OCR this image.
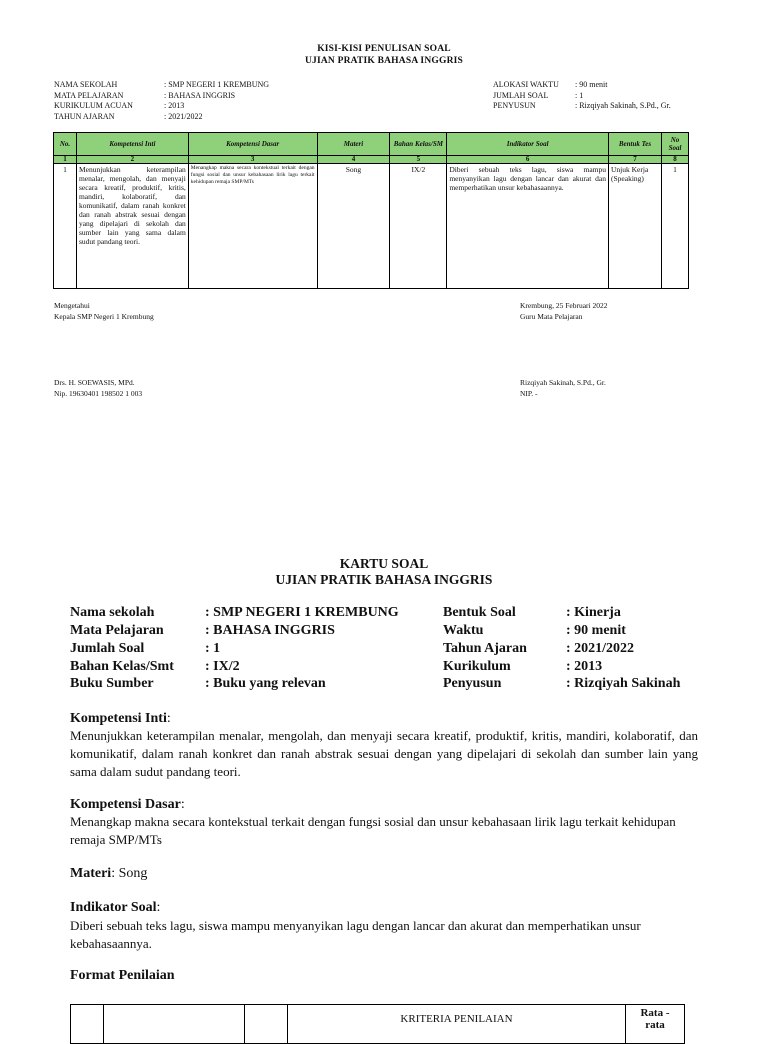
KISI-KISI PENULISAN SOAL
UJIAN PRATIK BAHASA INGGRIS
NAMA SEKOLAH	: SMP NEGERI 1 KREMBUNG
MATA PELAJARAN	: BAHASA INGGRIS
KURIKULUM ACUAN	: 2013
TAHUN AJARAN	: 2021/2022
ALOKASI WAKTU	: 90 menit
JUMLAH SOAL	: 1
PENYUSUN	: Rizqiyah Sakinah, S.Pd., Gr.
No.	Kompetensi Inti	Kompetensi Dasar	Materi	Bahan Kelas/SM	Indikator Soal	Bentuk Tes	No Soal
1	2	3	4	5	6	7	8
1	Menunjukkan keterampilan menalar, mengolah, dan menyaji secara kreatif, produktif, kritis, mandiri, kolaboratif, dan komunikatif, dalam ranah konkret dan ranah abstrak sesuai dengan yang dipelajari di sekolah dan sumber lain yang sama dalam sudut pandang teori.	Menangkap makna secara kontekstual terkait dengan fungsi sosial dan unsur kebahasaan lirik lagu terkait kehidupan remaja SMP/MTs	Song	IX/2	Diberi sebuah teks lagu, siswa mampu menyanyikan lagu dengan lancar dan akurat dan memperhatikan unsur kebahasaannya.	Unjuk Kerja (Speaking)	1
Mengetahui
Kepala SMP Negeri 1 Krembung
Drs. H. SOEWASIS, MPd.
Nip. 19630401 198502 1 003
Krembung, 25 Februari 2022
Guru Mata Pelajaran
Rizqiyah Sakinah, S.Pd., Gr.
NIP. -
KARTU SOAL
UJIAN PRATIK BAHASA INGGRIS
Nama sekolah	: SMP NEGERI 1 KREMBUNG
Mata Pelajaran	: BAHASA INGGRIS
Jumlah Soal	: 1
Bahan Kelas/Smt : IX/2
Buku Sumber	: Buku yang relevan
Bentuk Soal	: Kinerja
Waktu	: 90 menit
Tahun Ajaran	: 2021/2022
Kurikulum	: 2013
Penyusun	: Rizqiyah Sakinah
Kompetensi Inti:
Menunjukkan keterampilan menalar, mengolah, dan menyaji secara kreatif, produktif, kritis, mandiri, kolaboratif, dan komunikatif, dalam ranah konkret dan ranah abstrak sesuai dengan yang dipelajari di sekolah dan sumber lain yang sama dalam sudut pandang teori.
Kompetensi Dasar:
Menangkap makna secara kontekstual terkait dengan fungsi sosial dan unsur kebahasaan lirik lagu terkait kehidupan remaja SMP/MTs
Materi: Song
Indikator Soal:
Diberi sebuah teks lagu, siswa mampu menyanyikan lagu dengan lancar dan akurat dan memperhatikan unsur kebahasaannya.
Format Penilaian
			KRITERIA PENILAIAN	Rata - rata
